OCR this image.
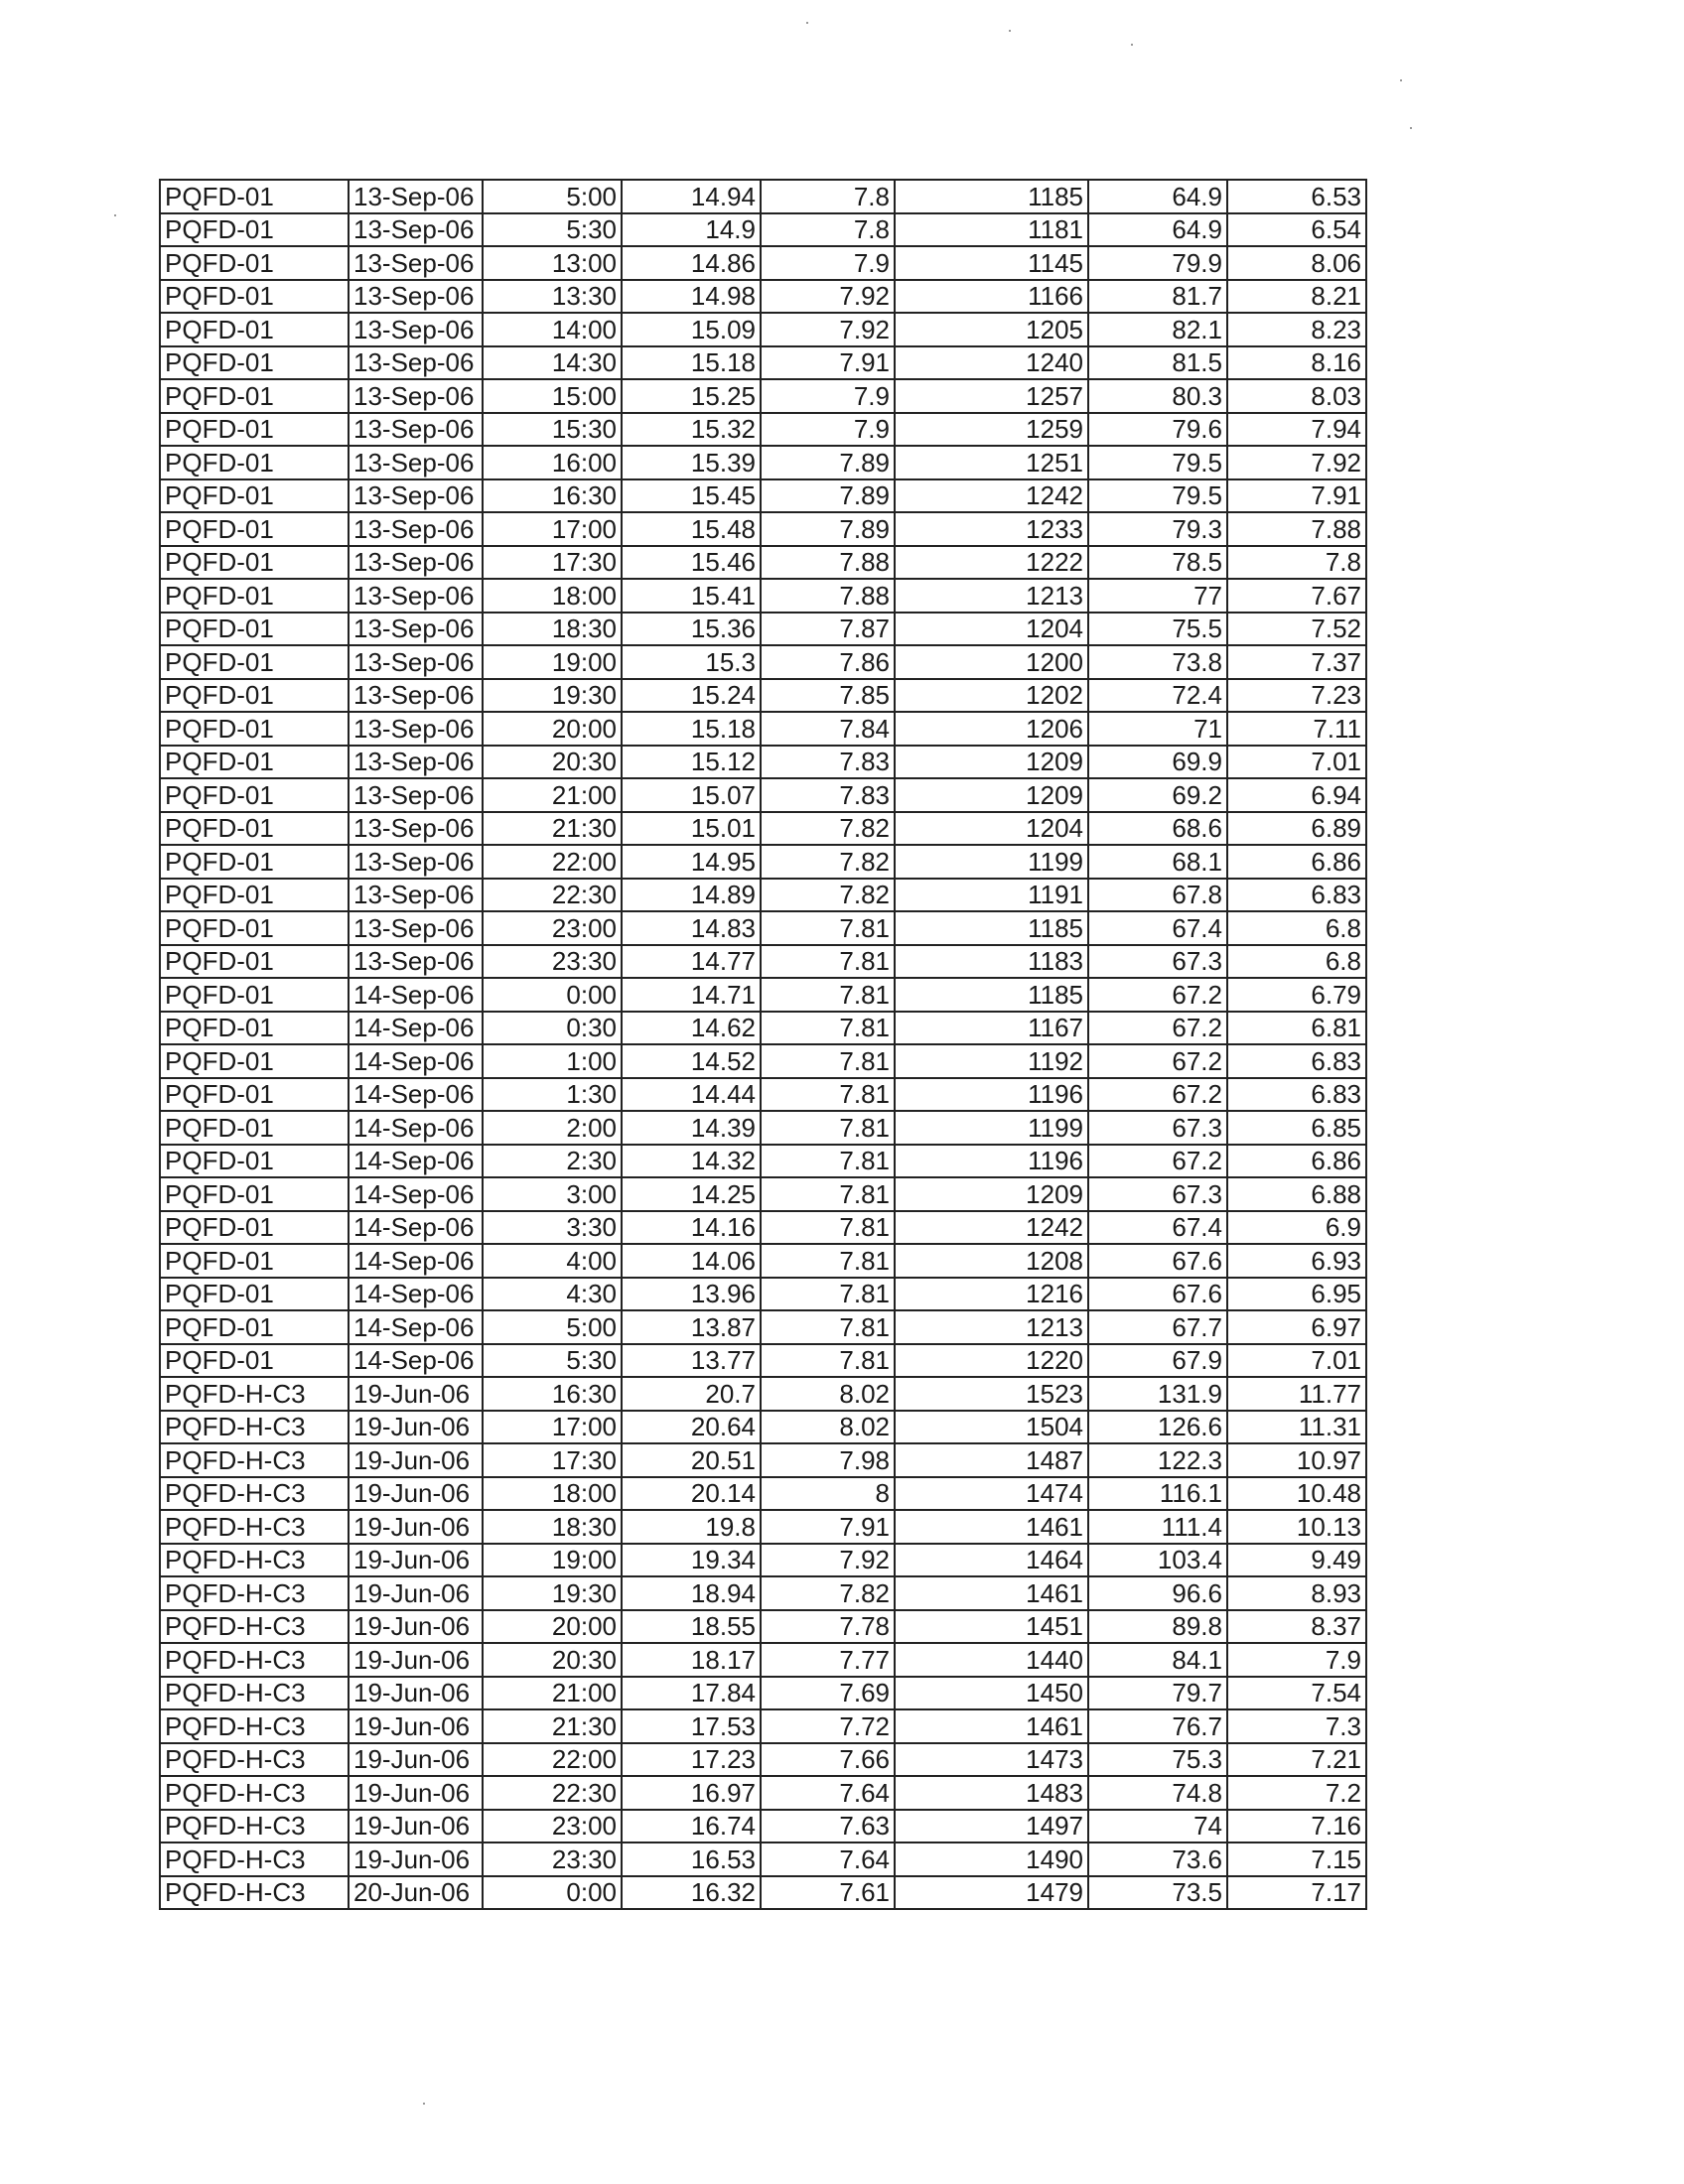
PQFD-01	13-Sep-06	5:00	14.94	7.8	1185	64.9	6.53
PQFD-01	13-Sep-06	5:30	14.9	7.8	1181	64.9	6.54
PQFD-01	13-Sep-06	13:00	14.86	7.9	1145	79.9	8.06
PQFD-01	13-Sep-06	13:30	14.98	7.92	1166	81.7	8.21
PQFD-01	13-Sep-06	14:00	15.09	7.92	1205	82.1	8.23
PQFD-01	13-Sep-06	14:30	15.18	7.91	1240	81.5	8.16
PQFD-01	13-Sep-06	15:00	15.25	7.9	1257	80.3	8.03
PQFD-01	13-Sep-06	15:30	15.32	7.9	1259	79.6	7.94
PQFD-01	13-Sep-06	16:00	15.39	7.89	1251	79.5	7.92
PQFD-01	13-Sep-06	16:30	15.45	7.89	1242	79.5	7.91
PQFD-01	13-Sep-06	17:00	15.48	7.89	1233	79.3	7.88
PQFD-01	13-Sep-06	17:30	15.46	7.88	1222	78.5	7.8
PQFD-01	13-Sep-06	18:00	15.41	7.88	1213	77	7.67
PQFD-01	13-Sep-06	18:30	15.36	7.87	1204	75.5	7.52
PQFD-01	13-Sep-06	19:00	15.3	7.86	1200	73.8	7.37
PQFD-01	13-Sep-06	19:30	15.24	7.85	1202	72.4	7.23
PQFD-01	13-Sep-06	20:00	15.18	7.84	1206	71	7.11
PQFD-01	13-Sep-06	20:30	15.12	7.83	1209	69.9	7.01
PQFD-01	13-Sep-06	21:00	15.07	7.83	1209	69.2	6.94
PQFD-01	13-Sep-06	21:30	15.01	7.82	1204	68.6	6.89
PQFD-01	13-Sep-06	22:00	14.95	7.82	1199	68.1	6.86
PQFD-01	13-Sep-06	22:30	14.89	7.82	1191	67.8	6.83
PQFD-01	13-Sep-06	23:00	14.83	7.81	1185	67.4	6.8
PQFD-01	13-Sep-06	23:30	14.77	7.81	1183	67.3	6.8
PQFD-01	14-Sep-06	0:00	14.71	7.81	1185	67.2	6.79
PQFD-01	14-Sep-06	0:30	14.62	7.81	1167	67.2	6.81
PQFD-01	14-Sep-06	1:00	14.52	7.81	1192	67.2	6.83
PQFD-01	14-Sep-06	1:30	14.44	7.81	1196	67.2	6.83
PQFD-01	14-Sep-06	2:00	14.39	7.81	1199	67.3	6.85
PQFD-01	14-Sep-06	2:30	14.32	7.81	1196	67.2	6.86
PQFD-01	14-Sep-06	3:00	14.25	7.81	1209	67.3	6.88
PQFD-01	14-Sep-06	3:30	14.16	7.81	1242	67.4	6.9
PQFD-01	14-Sep-06	4:00	14.06	7.81	1208	67.6	6.93
PQFD-01	14-Sep-06	4:30	13.96	7.81	1216	67.6	6.95
PQFD-01	14-Sep-06	5:00	13.87	7.81	1213	67.7	6.97
PQFD-01	14-Sep-06	5:30	13.77	7.81	1220	67.9	7.01
PQFD-H-C3	19-Jun-06	16:30	20.7	8.02	1523	131.9	11.77
PQFD-H-C3	19-Jun-06	17:00	20.64	8.02	1504	126.6	11.31
PQFD-H-C3	19-Jun-06	17:30	20.51	7.98	1487	122.3	10.97
PQFD-H-C3	19-Jun-06	18:00	20.14	8	1474	116.1	10.48
PQFD-H-C3	19-Jun-06	18:30	19.8	7.91	1461	111.4	10.13
PQFD-H-C3	19-Jun-06	19:00	19.34	7.92	1464	103.4	9.49
PQFD-H-C3	19-Jun-06	19:30	18.94	7.82	1461	96.6	8.93
PQFD-H-C3	19-Jun-06	20:00	18.55	7.78	1451	89.8	8.37
PQFD-H-C3	19-Jun-06	20:30	18.17	7.77	1440	84.1	7.9
PQFD-H-C3	19-Jun-06	21:00	17.84	7.69	1450	79.7	7.54
PQFD-H-C3	19-Jun-06	21:30	17.53	7.72	1461	76.7	7.3
PQFD-H-C3	19-Jun-06	22:00	17.23	7.66	1473	75.3	7.21
PQFD-H-C3	19-Jun-06	22:30	16.97	7.64	1483	74.8	7.2
PQFD-H-C3	19-Jun-06	23:00	16.74	7.63	1497	74	7.16
PQFD-H-C3	19-Jun-06	23:30	16.53	7.64	1490	73.6	7.15
PQFD-H-C3	20-Jun-06	0:00	16.32	7.61	1479	73.5	7.17
